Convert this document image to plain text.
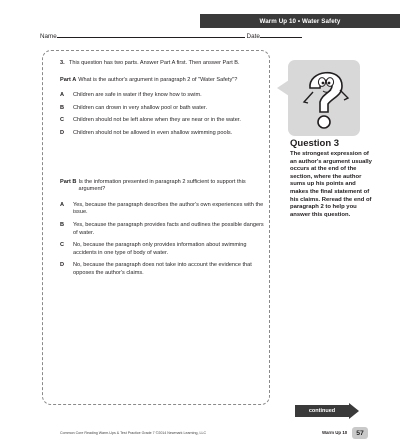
Warm Up 10 • Water Safety
Name	Date
3. This question has two parts. Answer Part A first. Then answer Part B.
Part A What is the author's argument in paragraph 2 of "Water Safety"?
A	Children are safe in water if they know how to swim.
B	Children can drown in very shallow pool or bath water.
C	Children should not be left alone when they are near or in the water.
D	Children should not be allowed in even shallow swimming pools.
Part B Is the information presented in paragraph 2 sufficient to support this argument?
A	Yes, because the paragraph describes the author's own experiences with the issue.
B	Yes, because the paragraph provides facts and outlines the possible dangers of water.
C	No, because the paragraph only provides information about swimming accidents in one type of body of water.
D	No, because the paragraph does not take into account the evidence that opposes the author's claims.
Question 3
The strongest expression of an author's argument usually occurs at the end of the section, where the author sums up his points and makes the final statement of his claims. Reread the end of paragraph 2 to help you answer this question.
continued
Common Core Reading Warm-Ups & Test Practice Grade 7 ©2014 Newmark Learning, LLC	Warm Up 10	57
